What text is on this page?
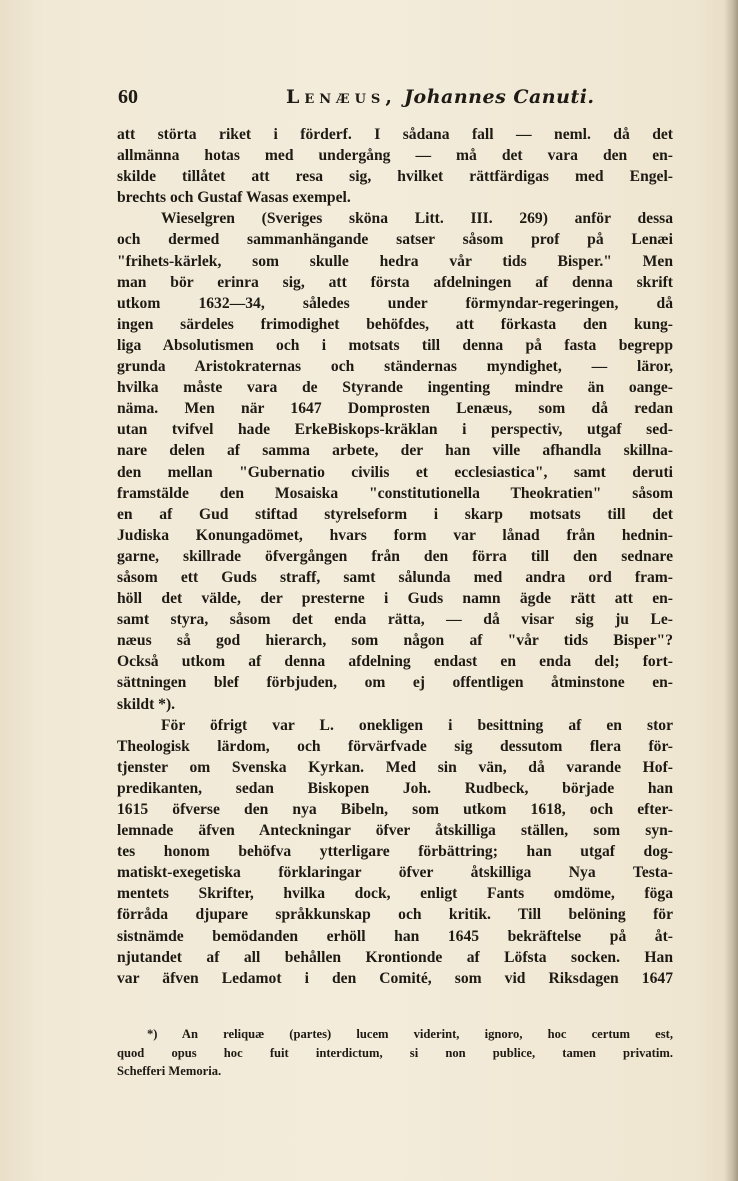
60	Lenæus, Johannes Canuti.
att störta riket i förderf. I sådana fall — neml. då det
allmänna hotas med undergång — må det vara den en-
skilde tillåtet att resa sig, hvilket rättfärdigas med Engel-
brechts och Gustaf Wasas exempel.
Wieselgren (Sveriges sköna Litt. III. 269) anför dessa
och dermed sammanhängande satser såsom prof på Lenæi
"frihets-kärlek, som skulle hedra vår tids Bisper." Men
man bör erinra sig, att första afdelningen af denna skrift
utkom 1632—34, således under förmyndar-regeringen, då
ingen särdeles frimodighet behöfdes, att förkasta den kung-
liga Absolutismen och i motsats till denna på fasta begrepp
grunda Aristokraternas och ständernas myndighet, — läror,
hvilka måste vara de Styrande ingenting mindre än oange-
näma. Men när 1647 Domprosten Lenæus, som då redan
utan tvifvel hade ErkeBiskops-kräklan i perspectiv, utgaf sed-
nare delen af samma arbete, der han ville afhandla skillna-
den mellan "Gubernatio civilis et ecclesiastica", samt deruti
framstälde den Mosaiska "constitutionella Theokratien" såsom
en af Gud stiftad styrelseform i skarp motsats till det
Judiska Konungadömet, hvars form var lånad från hednin-
garne, skillrade öfvergången från den förra till den sednare
såsom ett Guds straff, samt sålunda med andra ord fram-
höll det välde, der presterne i Guds namn ägde rätt att en-
samt styra, såsom det enda rätta, — då visar sig ju Le-
næus så god hierarch, som någon af "vår tids Bisper"?
Också utkom af denna afdelning endast en enda del; fort-
sättningen blef förbjuden, om ej offentligen åtminstone en-
skildt *).
För öfrigt var L. onekligen i besittning af en stor
Theologisk lärdom, och förvärfvade sig dessutom flera för-
tjenster om Svenska Kyrkan. Med sin vän, då varande Hof-
predikanten, sedan Biskopen Joh. Rudbeck, började han
1615 öfverse den nya Bibeln, som utkom 1618, och efter-
lemnade äfven Anteckningar öfver åtskilliga ställen, som syn-
tes honom behöfva ytterligare förbättring; han utgaf dog-
matiskt-exegetiska förklaringar öfver åtskilliga Nya Testa-
mentets Skrifter, hvilka dock, enligt Fants omdöme, föga
förråda djupare språkkunskap och kritik. Till belöning för
sistnämde bemödanden erhöll han 1645 bekräftelse på åt-
njutandet af all behållen Krontionde af Löfsta socken. Han
var äfven Ledamot i den Comité, som vid Riksdagen 1647
*) An reliquæ (partes) lucem viderint, ignoro, hoc certum est,
quod opus hoc fuit interdictum, si non publice, tamen privatim.
Schefferi Memoria.
